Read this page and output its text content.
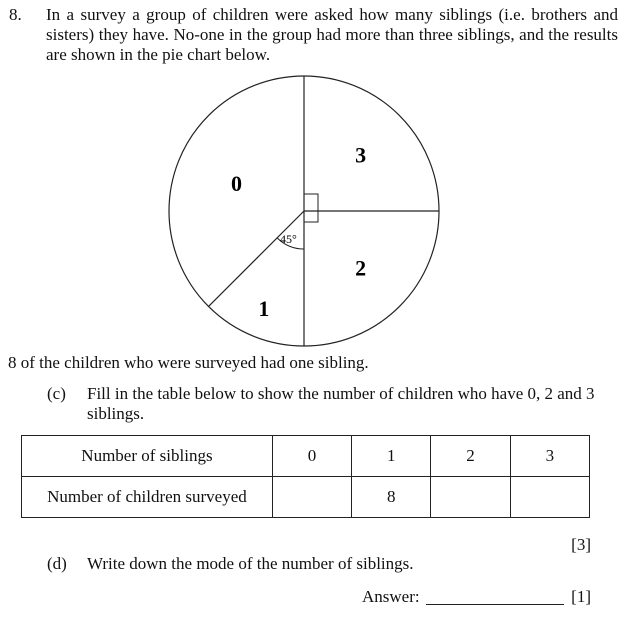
8. In a survey a group of children were asked how many siblings (i.e. brothers and sisters) they have. No-one in the group had more than three siblings, and the results are shown in the pie chart below.

3
2
1
0
45°
8 of the children who were surveyed had one sibling.
(c) Fill in the table below to show the number of children who have 0, 2 and 3 siblings.
Number of siblings	0	1	2	3
Number of children surveyed		8		
[3]
(d) Write down the mode of the number of siblings.
Answer:	[1]
